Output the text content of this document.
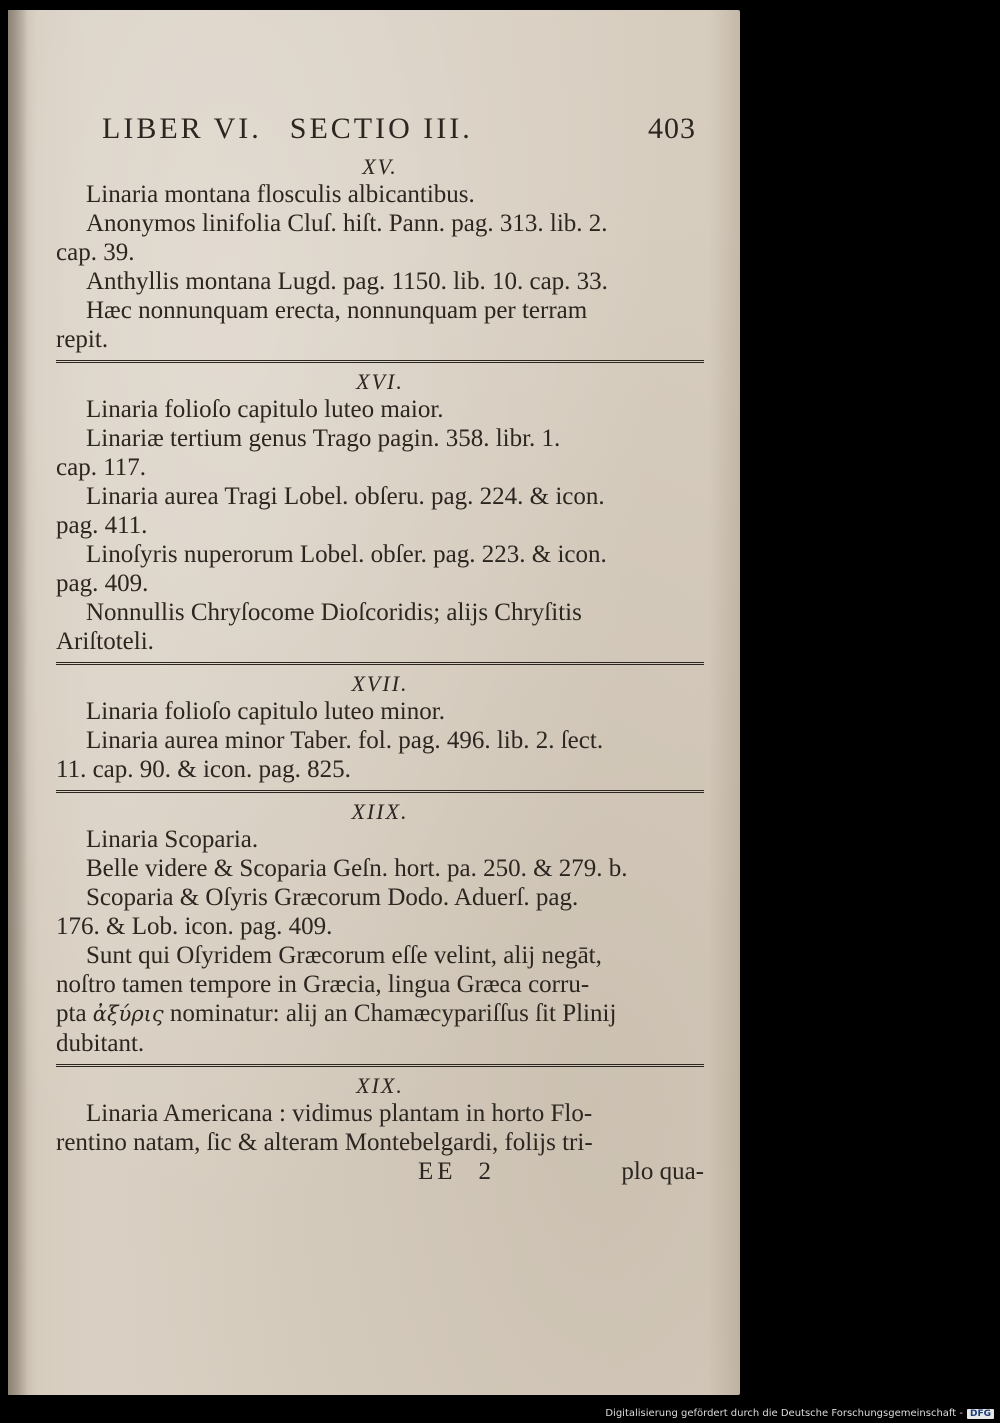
LIBER VI. SECTIO III.	403
XV.
Linaria montana flosculis albicantibus.
Anonymos linifolia Cluſ. hiſt. Pann. pag. 313. lib. 2.
cap. 39.
Anthyllis montana Lugd. pag. 1150. lib. 10. cap. 33.
Hæc nonnunquam erecta, nonnunquam per terram
repit.
XVI.
Linaria folioſo capitulo luteo maior.
Linariæ tertium genus Trago pagin. 358. libr. 1.
cap. 117.
Linaria aurea Tragi Lobel. obſeru. pag. 224. & icon.
pag. 411.
Linoſyris nuperorum Lobel. obſer. pag. 223. & icon.
pag. 409.
Nonnullis Chryſocome Dioſcoridis; alijs Chryſitis
Ariſtoteli.
XVII.
Linaria folioſo capitulo luteo minor.
Linaria aurea minor Taber. fol. pag. 496. lib. 2. ſect.
11. cap. 90. & icon. pag. 825.
XIIX.
Linaria Scoparia.
Belle videre & Scoparia Geſn. hort. pa. 250. & 279. b.
Scoparia & Oſyris Græcorum Dodo. Aduerſ. pag.
176. & Lob. icon. pag. 409.
Sunt qui Oſyridem Græcorum eſſe velint, alij negāt,
noſtro tamen tempore in Græcia, lingua Græca corru-
pta ἀξύρις nominatur: alij an Chamæcypariſſus ſit Plinij
dubitant.
XIX.
Linaria Americana : vidimus plantam in horto Flo-
rentino natam, ſic & alteram Montebelgardi, folijs tri-
EE 2	plo qua-
Digitalisierung gefördert durch die Deutsche Forschungsgemeinschaft - DFG
